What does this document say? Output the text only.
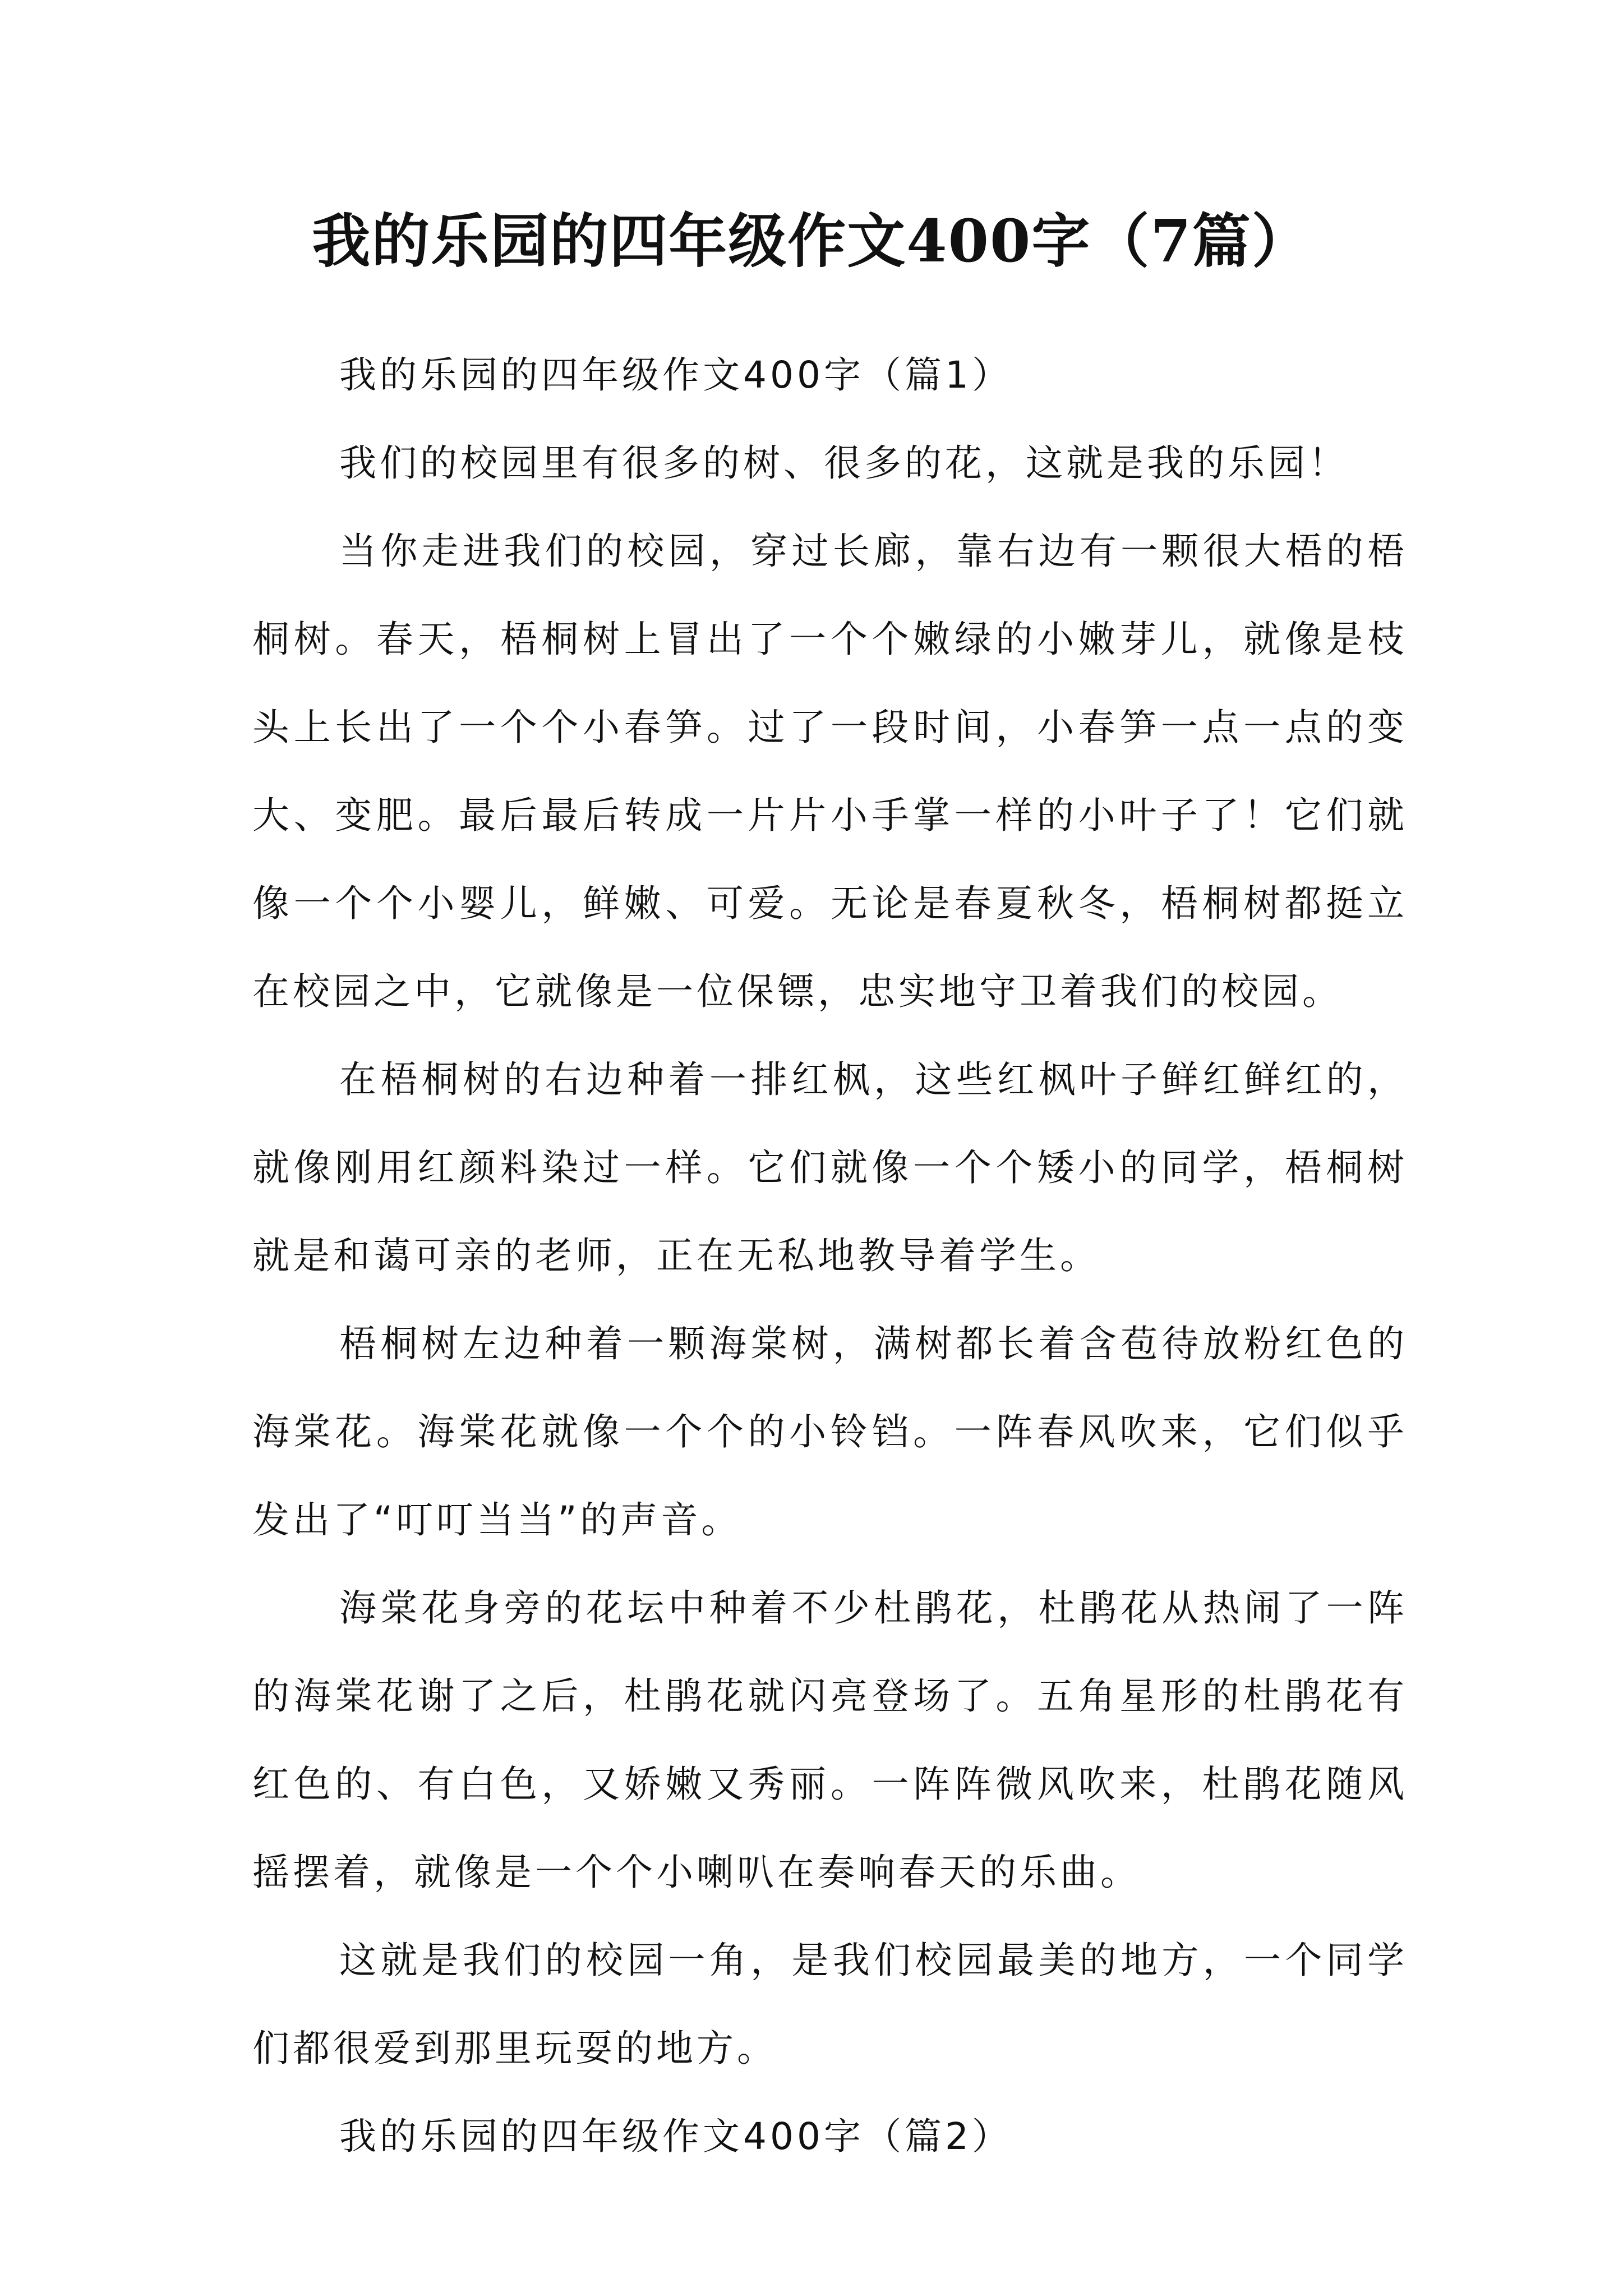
我的乐园的四年级作文400字（7篇）

我的乐园的四年级作文400字（篇1）

我们的校园里有很多的树、很多的花，这就是我的乐园！

当你走进我们的校园，穿过长廊，靠右边有一颗很大梧的梧桐树。春天，梧桐树上冒出了一个个嫩绿的小嫩芽儿，就像是枝头上长出了一个个小春笋。过了一段时间，小春笋一点一点的变大、变肥。最后最后转成一片片小手掌一样的小叶子了！它们就像一个个小婴儿，鲜嫩、可爱。无论是春夏秋冬，梧桐树都挺立在校园之中，它就像是一位保镖，忠实地守卫着我们的校园。

在梧桐树的右边种着一排红枫，这些红枫叶子鲜红鲜红的，就像刚用红颜料染过一样。它们就像一个个矮小的同学，梧桐树就是和蔼可亲的老师，正在无私地教导着学生。

梧桐树左边种着一颗海棠树，满树都长着含苞待放粉红色的海棠花。海棠花就像一个个的小铃铛。一阵春风吹来，它们似乎发出了“叮叮当当”的声音。

海棠花身旁的花坛中种着不少杜鹃花，杜鹃花从热闹了一阵的海棠花谢了之后，杜鹃花就闪亮登场了。五角星形的杜鹃花有红色的、有白色，又娇嫩又秀丽。一阵阵微风吹来，杜鹃花随风摇摆着，就像是一个个小喇叭在奏响春天的乐曲。

这就是我们的校园一角，是我们校园最美的地方，一个同学们都很爱到那里玩耍的地方。

我的乐园的四年级作文400字（篇2）
